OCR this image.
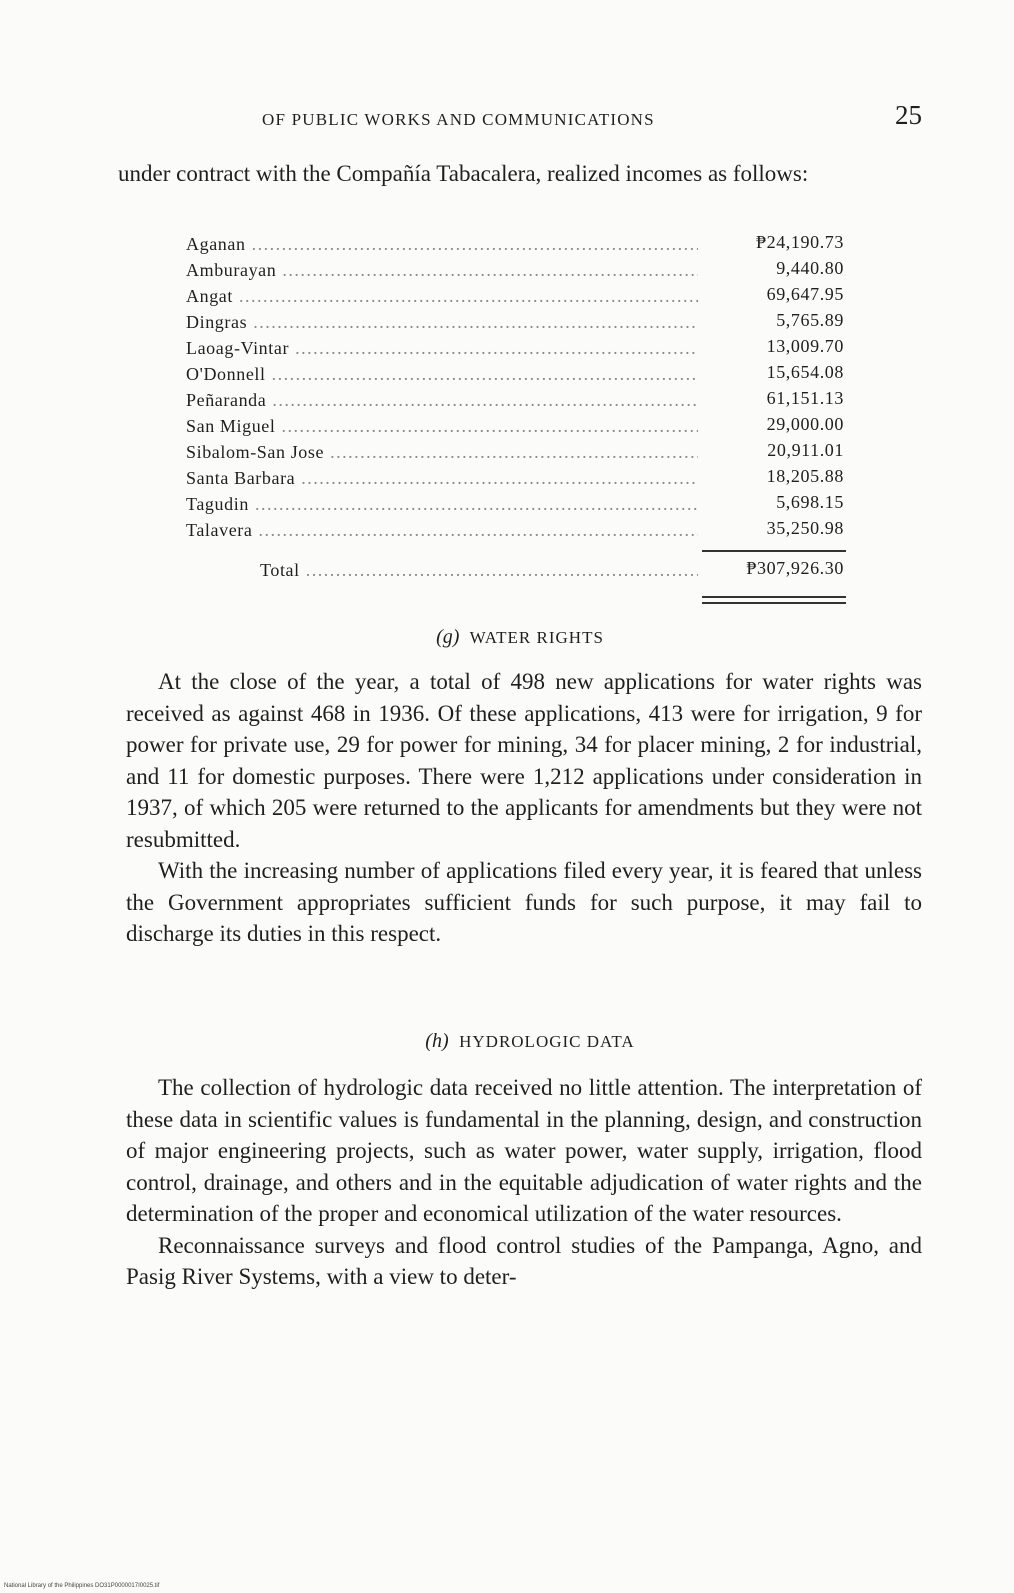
OF PUBLIC WORKS AND COMMUNICATIONS	25
under contract with the Compañía Tabacalera, realized incomes as follows:
Aganan .....	₱24,190.73
Amburayan .....	9,440.80
Angat .....	69,647.95
Dingras .....	5,765.89
Laoag-Vintar .....	13,009.70
O'Donnell .....	15,654.08
Peñaranda .....	61,151.13
San Miguel .....	29,000.00
Sibalom-San Jose .....	20,911.01
Santa Barbara .....	18,205.88
Tagudin .....	5,698.15
Talavera .....	35,250.98
Total .....	₱307,926.30
(g) WATER RIGHTS

At the close of the year, a total of 498 new applications for water rights was received as against 468 in 1936. Of these applications, 413 were for irrigation, 9 for power for private use, 29 for power for mining, 34 for placer mining, 2 for industrial, and 11 for domestic purposes. There were 1,212 applications under consideration in 1937, of which 205 were returned to the applicants for amendments but they were not resubmitted.

With the increasing number of applications filed every year, it is feared that unless the Government appropriates sufficient funds for such purpose, it may fail to discharge its duties in this respect.

(h) HYDROLOGIC DATA

The collection of hydrologic data received no little attention. The interpretation of these data in scientific values is fundamental in the planning, design, and construction of major engineering projects, such as water power, water supply, irrigation, flood control, drainage, and others and in the equitable adjudication of water rights and the determination of the proper and economical utilization of the water resources.

Reconnaissance surveys and flood control studies of the Pampanga, Agno, and Pasig River Systems, with a view to deter-

National Library of the Philippines DO31P0000017I0025.tif
